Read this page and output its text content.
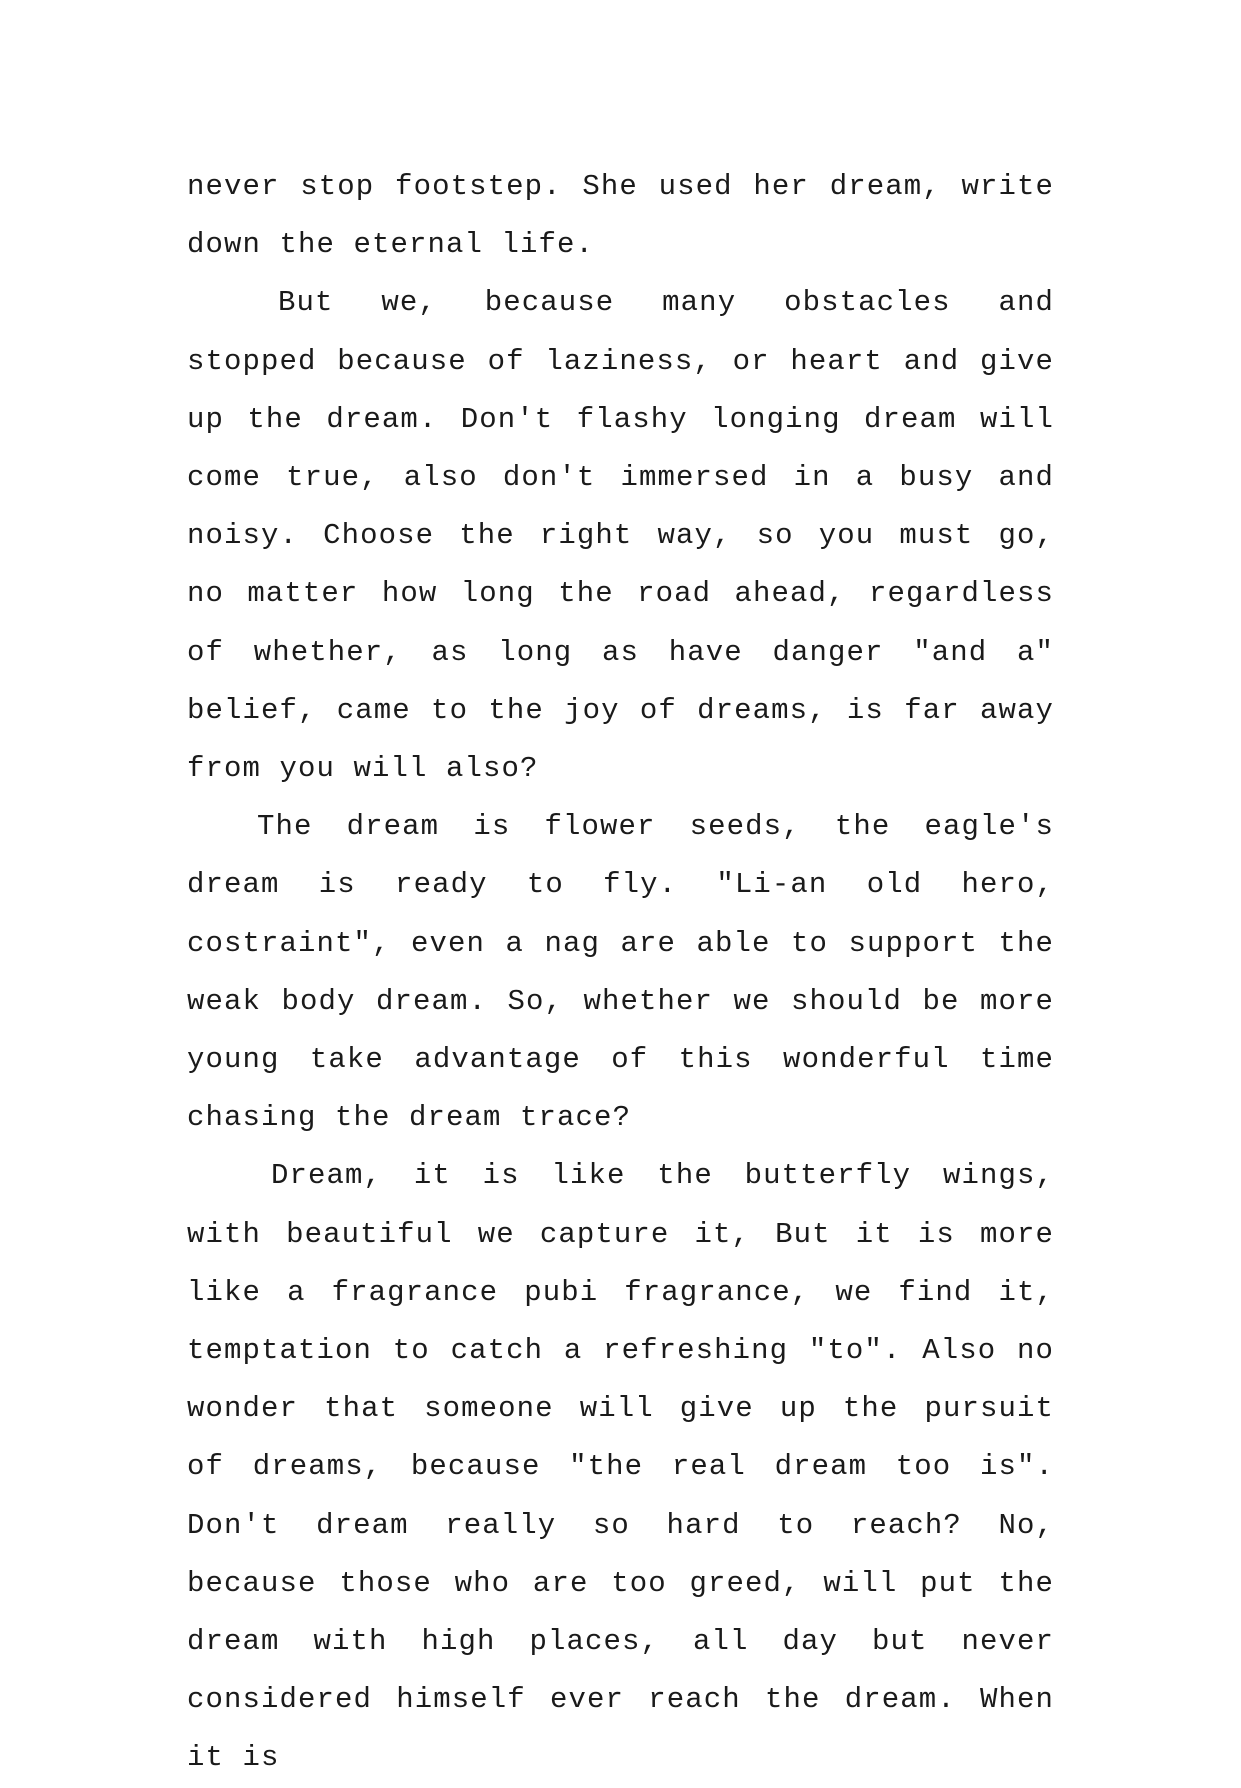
never stop footstep. She used her dream, write down the eternal life.

But we, because many obstacles and stopped because of laziness, or heart and give up the dream. Don't flashy longing dream will come true, also don't immersed in a busy and noisy. Choose the right way, so you must go, no matter how long the road ahead, regardless of whether, as long as have danger "and a" belief, came to the joy of dreams, is far away from you will also?

The dream is flower seeds, the eagle's dream is ready to fly. "Li-an old hero, costraint", even a nag are able to support the weak body dream. So, whether we should be more young take advantage of this wonderful time chasing the dream trace?

Dream, it is like the butterfly wings, with beautiful we capture it, But it is more like a fragrance pubi fragrance, we find it, temptation to catch a refreshing "to". Also no wonder that someone will give up the pursuit of dreams, because "the real dream too is". Don't dream really so hard to reach? No, because those who are too greed, will put the dream with high places, all day but never considered himself ever reach the dream. When it is
